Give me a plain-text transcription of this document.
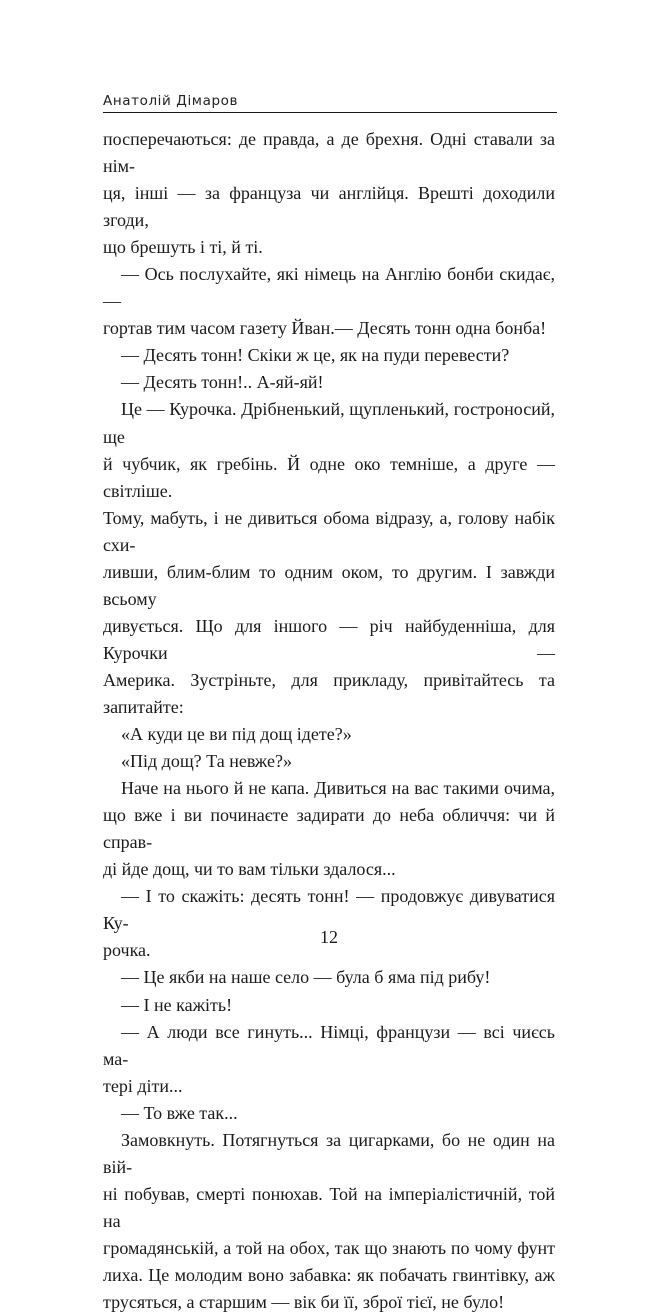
Анатолій Дімаров

посперечаються: де правда, а де брехня. Одні ставали за нім-

ця, інші — за француза чи англійця. Врешті доходили згоди,

що брешуть і ті, й ті.

— Ось послухайте, які німець на Англію бонби скидає, —

гортав тим часом газету Йван.— Десять тонн одна бонба!

— Десять тонн! Скіки ж це, як на пуди перевести?

— Десять тонн!.. А-яй-яй!

Це — Курочка. Дрібненький, щупленький, гостроносий, ще

й чубчик, як гребінь. Й одне око темніше, а друге — світліше.

Тому, мабуть, і не дивиться обома відразу, а, голову набік схи-

ливши, блим-блим то одним оком, то другим. І завжди всьому

дивується. Що для іншого — річ найбуденніша, для Курочки —

Америка. Зустріньте, для прикладу, привітайтесь та запитайте:

«А куди це ви під дощ ідете?»

«Під дощ? Та невже?»

Наче на нього й не капа. Дивиться на вас такими очима,

що вже і ви починаєте задирати до неба обличчя: чи й справ-

ді йде дощ, чи то вам тільки здалося...

— І то скажіть: десять тонн! — продовжує дивуватися Ку-

рочка.

— Це якби на наше село — була б яма під рибу!

— І не кажіть!

— А люди все гинуть... Німці, французи — всі чиєсь ма-

тері діти...

— То вже так...

Замовкнуть. Потягнуться за цигарками, бо не один на вій-

ні побував, смерті понюхав. Той на імперіалістичній, той на

громадянській, а той на обох, так що знають по чому фунт

лиха. Це молодим воно забавка: як побачать гвинтівку, аж

трусяться, а старшим — вік би її, зброї тієї, не було!

12
